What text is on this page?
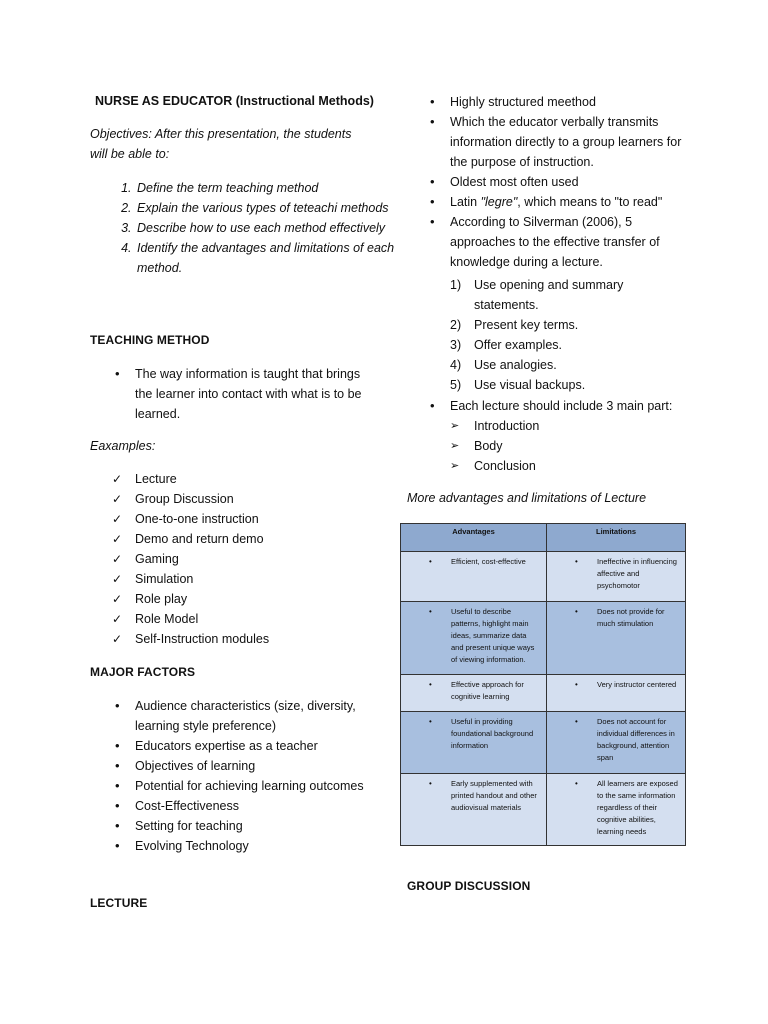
NURSE AS EDUCATOR (Instructional Methods)
Objectives: After this presentation, the students will be able to:
1. Define the term teaching method
2. Explain the various types of teteachi methods
3. Describe how to use each method effectively
4. Identify the advantages and limitations of each method.
TEACHING METHOD
• The way information is taught that brings the learner into contact with what is to be learned.
Eaxamples:
✓ Lecture
✓ Group Discussion
✓ One-to-one instruction
✓ Demo and return demo
✓ Gaming
✓ Simulation
✓ Role play
✓ Role Model
✓ Self-Instruction modules
MAJOR FACTORS
• Audience characteristics (size, diversity, learning style preference)
• Educators expertise as a teacher
• Objectives of learning
• Potential for achieving learning outcomes
• Cost-Effectiveness
• Setting for teaching
• Evolving Technology
LECTURE
• Highly structured meethod
• Which the educator verbally transmits information directly to a group learners for the purpose of instruction.
• Oldest most often used
• Latin "legre", which means to "to read"
• According to Silverman (2006), 5 approaches to the effective transfer of knowledge during a lecture.
1) Use opening and summary statements.
2) Present key terms.
3) Offer examples.
4) Use analogies.
5) Use visual backups.
• Each lecture should include 3 main part:
➢ Introduction
➢ Body
➢ Conclusion
More advantages and limitations of Lecture
Advantages	Limitations

• Efficient, cost-effective	• Ineffective in influencing affective and psychomotor

• Useful to describe patterns, highlight main ideas, summarize data and present unique ways of viewing information.	• Does not provide for much stimulation

• Effective approach for cognitive learning	• Very instructor centered

• Useful in providing foundational background information	• Does not account for individual differences in background, attention span

• Early supplemented with printed handout and other audiovisual materials	• All learners are exposed to the same information regardless of their cognitive abilities, learning needs
GROUP DISCUSSION
